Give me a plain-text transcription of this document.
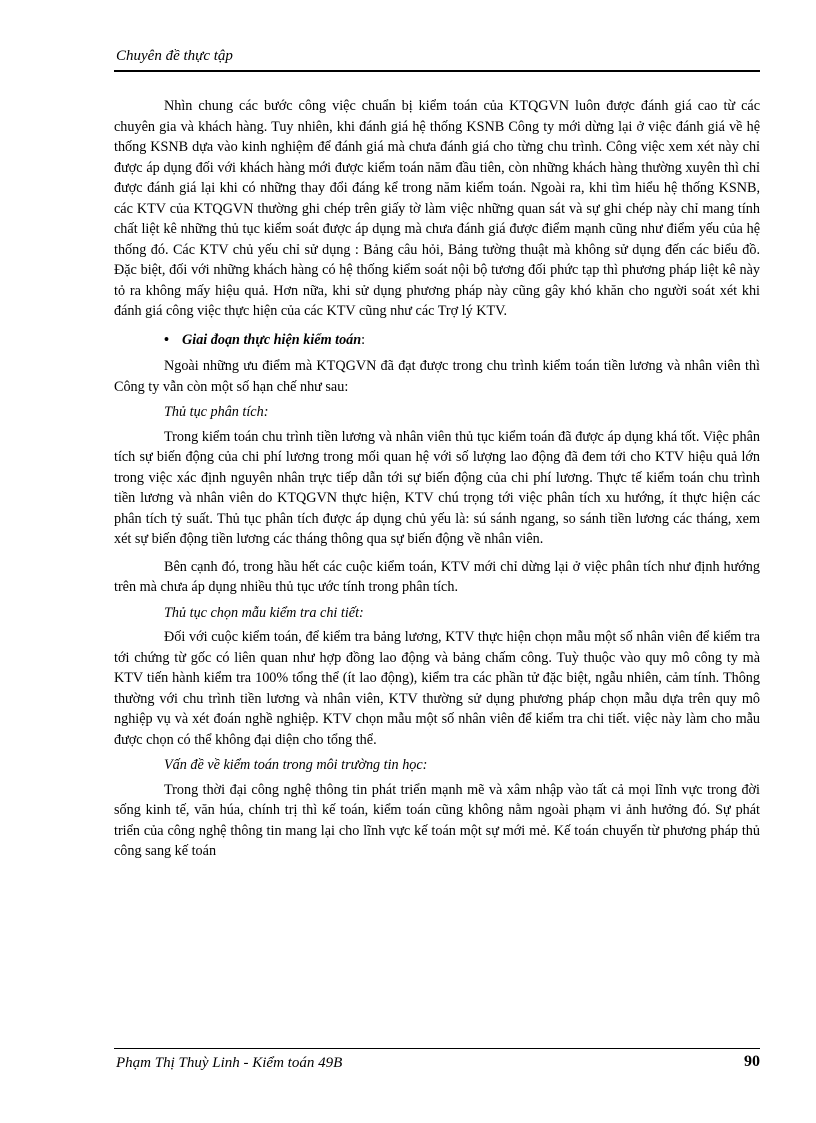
Chuyên đề thực tập

Nhìn chung các bước công việc chuẩn bị kiểm toán của KTQGVN luôn được đánh giá cao từ các chuyên gia và khách hàng. Tuy nhiên, khi đánh giá hệ thống KSNB Công ty mới dừng lại ở việc đánh giá về hệ thống KSNB dựa vào kinh nghiệm để đánh giá mà chưa đánh giá cho từng chu trình. Công việc xem xét này chỉ được áp dụng đối với khách hàng mới được kiểm toán năm đầu tiên, còn những khách hàng thường xuyên thì chỉ được đánh giá lại khi có những thay đổi đáng kể trong năm kiểm toán. Ngoài ra, khi tìm hiểu hệ thống KSNB, các KTV của KTQGVN thường ghi chép trên giấy tờ làm việc những quan sát và sự ghi chép này chỉ mang tính chất liệt kê những thủ tục kiểm soát được áp dụng mà chưa đánh giá được điểm mạnh cũng như điểm yếu của hệ thống đó. Các KTV chủ yếu chỉ sử dụng : Bảng câu hỏi, Bảng tường thuật mà không sử dụng đến các biểu đồ. Đặc biệt, đối với những khách hàng có hệ thống kiểm soát nội bộ tương đối phức tạp thì phương pháp liệt kê này tỏ ra không mấy hiệu quả. Hơn nữa, khi sử dụng phương pháp này cũng gây khó khăn cho người soát xét khi đánh giá công việc thực hiện của các KTV cũng như các Trợ lý KTV.

• Giai đoạn thực hiện kiểm toán:

Ngoài những ưu điểm mà KTQGVN đã đạt được trong chu trình kiểm toán tiền lương và nhân viên thì Công ty vẫn còn một số hạn chế như sau:

Thủ tục phân tích:

Trong kiểm toán chu trình tiền lương và nhân viên thủ tục kiểm toán đã được áp dụng khá tốt. Việc phân tích sự biến động của chi phí lương trong mối quan hệ với số lượng lao động đã đem tới cho KTV hiệu quả lớn trong việc xác định nguyên nhân trực tiếp dẫn tới sự biến động của chi phí lương. Thực tế kiểm toán chu trình tiền lương và nhân viên do KTQGVN thực hiện, KTV chú trọng tới việc phân tích xu hướng, ít thực hiện các phân tích tỷ suất. Thủ tục phân tích được áp dụng chủ yếu là: sú sánh ngang, so sánh tiền lương các tháng, xem xét sự biến động tiền lương các tháng thông qua sự biến động về nhân viên.

Bên cạnh đó, trong hầu hết các cuộc kiểm toán, KTV mới chỉ dừng lại ở việc phân tích như định hướng trên mà chưa áp dụng nhiều thủ tục ước tính trong phân tích.

Thủ tục chọn mẫu kiểm tra chi tiết:

Đối với cuộc kiểm toán, để kiểm tra bảng lương, KTV thực hiện chọn mẫu một số nhân viên để kiểm tra tới chứng từ gốc có liên quan như hợp đồng lao động và bảng chấm công. Tuỳ thuộc vào quy mô công ty mà KTV tiến hành kiểm tra 100% tổng thể (ít lao động), kiểm tra các phần tử đặc biệt, ngẫu nhiên, cảm tính. Thông thường với chu trình tiền lương và nhân viên, KTV thường sử dụng phương pháp chọn mẫu dựa trên quy mô nghiệp vụ và xét đoán nghề nghiệp. KTV chọn mẫu một số nhân viên để kiểm tra chi tiết. việc này làm cho mẫu được chọn có thể không đại diện cho tổng thể.

Vấn đề về kiểm toán trong môi trường tin học:

Trong thời đại công nghệ thông tin phát triển mạnh mẽ và xâm nhập vào tất cả mọi lĩnh vực trong đời sống kinh tế, văn húa, chính trị thì kế toán, kiểm toán cũng không nằm ngoài phạm vi ảnh hưởng đó. Sự phát triển của công nghệ thông tin mang lại cho lĩnh vực kế toán một sự mới mẻ. Kế toán chuyển từ phương pháp thủ công sang kế toán

Phạm Thị Thuỳ Linh - Kiểm toán 49B	90
